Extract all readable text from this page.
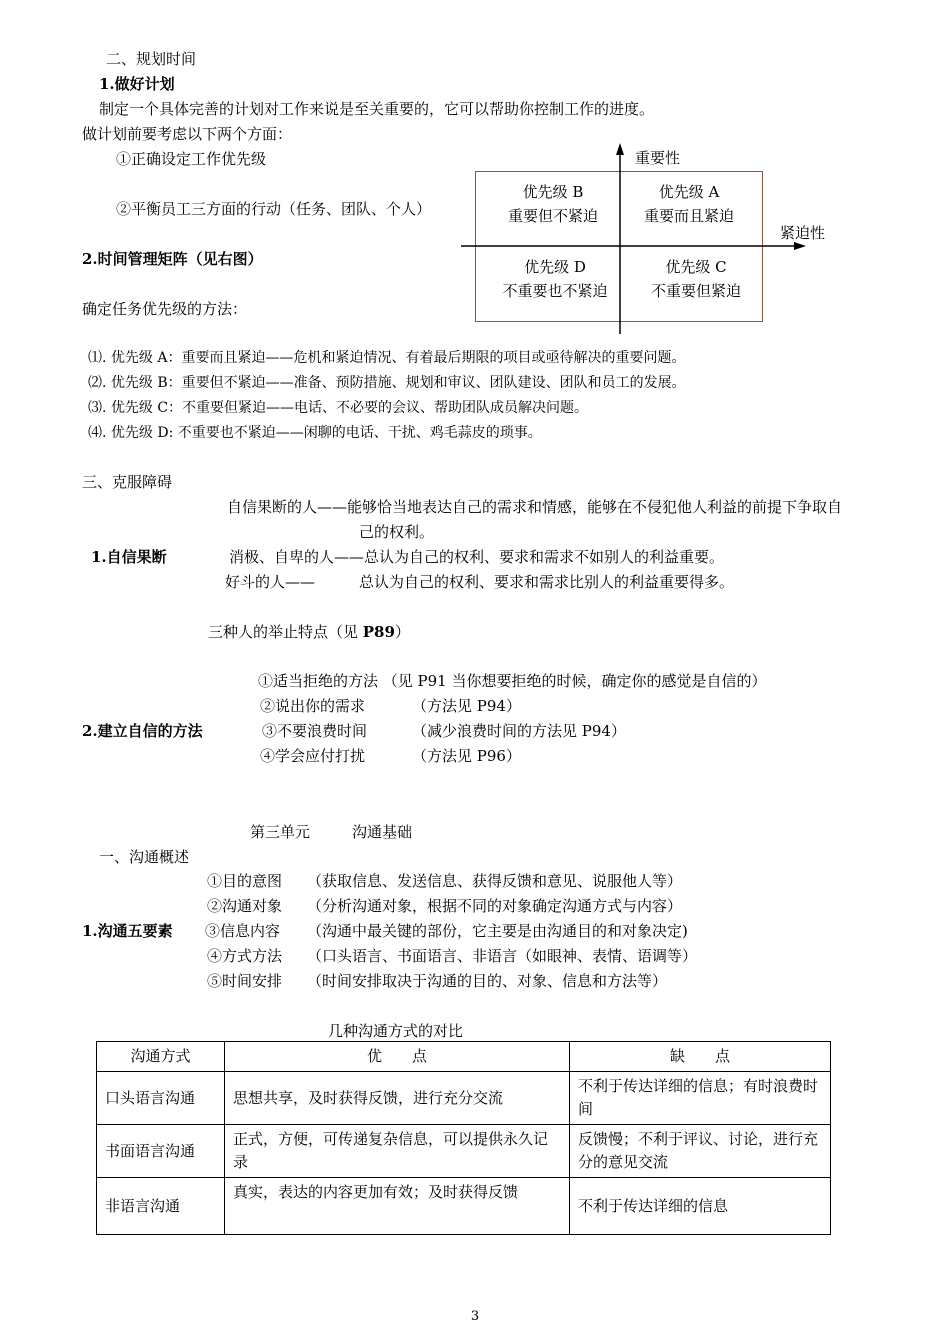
二、规划时间
1.做好计划
制定一个具体完善的计划对工作来说是至关重要的，它可以帮助你控制工作的进度。
做计划前要考虑以下两个方面：
①正确设定工作优先级
②平衡员工三方面的行动（任务、团队、个人）
2.时间管理矩阵（见右图）
确定任务优先级的方法：
重要性
紧迫性
优先级 B
重要但不紧迫
优先级 A
重要而且紧迫
优先级 D
不重要也不紧迫
优先级 C
不重要但紧迫
⑴. 优先级 A：重要而且紧迫——危机和紧迫情况、有着最后期限的项目或亟待解决的重要问题。
⑵. 优先级 B：重要但不紧迫——准备、预防措施、规划和审议、团队建设、团队和员工的发展。
⑶. 优先级 C：不重要但紧迫——电话、不必要的会议、帮助团队成员解决问题。
⑷. 优先级 D: 不重要也不紧迫——闲聊的电话、干扰、鸡毛蒜皮的琐事。
三、克服障碍
自信果断的人——能够恰当地表达自己的需求和情感，能够在不侵犯他人利益的前提下争取自
己的权利。
1.自信果断	消极、自卑的人——总认为自己的权利、要求和需求不如别人的利益重要。
好斗的人——	总认为自己的权利、要求和需求比别人的利益重要得多。
三种人的举止特点（见 P89）
①适当拒绝的方法 （见 P91 当你想要拒绝的时候，确定你的感觉是自信的）
②说出你的需求	（方法见 P94）
2.建立自信的方法	③不要浪费时间	（减少浪费时间的方法见 P94）
④学会应付打扰	（方法见 P96）
第三单元	沟通基础
一、沟通概述
①目的意图 （获取信息、发送信息、获得反馈和意见、说服他人等）
②沟通对象 （分析沟通对象，根据不同的对象确定沟通方式与内容）
1.沟通五要素 ③信息内容 （沟通中最关键的部份，它主要是由沟通目的和对象决定)
④方式方法 （口头语言、书面语言、非语言（如眼神、表情、语调等）
⑤时间安排 （时间安排取决于沟通的目的、对象、信息和方法等）
几种沟通方式的对比
沟通方式	优　　点	缺　　点
口头语言沟通	思想共享，及时获得反馈，进行充分交流	不利于传达详细的信息；有时浪费时间
书面语言沟通	正式，方便，可传递复杂信息，可以提供永久记录	反馈慢；不利于评议、讨论，进行充分的意见交流
非语言沟通	真实，表达的内容更加有效；及时获得反馈	不利于传达详细的信息
3
